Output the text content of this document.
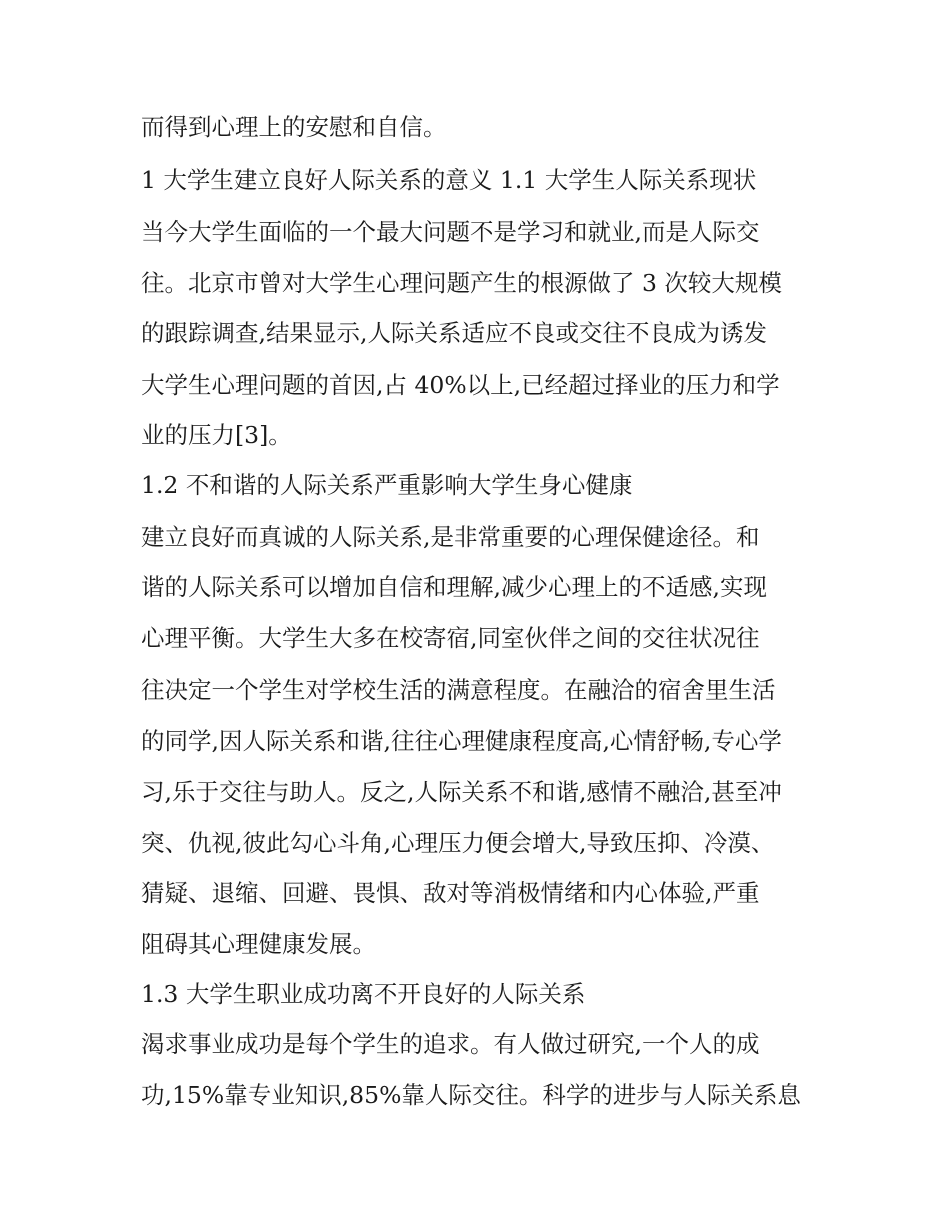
而得到心理上的安慰和自信。
1 大学生建立良好人际关系的意义 1.1 大学生人际关系现状
当今大学生面临的一个最大问题不是学习和就业,而是人际交
往。北京市曾对大学生心理问题产生的根源做了 3 次较大规模
的跟踪调查,结果显示,人际关系适应不良或交往不良成为诱发
大学生心理问题的首因,占 40%以上,已经超过择业的压力和学
业的压力[3]。
1.2 不和谐的人际关系严重影响大学生身心健康
建立良好而真诚的人际关系,是非常重要的心理保健途径。和
谐的人际关系可以增加自信和理解,减少心理上的不适感,实现
心理平衡。大学生大多在校寄宿,同室伙伴之间的交往状况往
往决定一个学生对学校生活的满意程度。在融洽的宿舍里生活
的同学,因人际关系和谐,往往心理健康程度高,心情舒畅,专心学
习,乐于交往与助人。反之,人际关系不和谐,感情不融洽,甚至冲
突、仇视,彼此勾心斗角,心理压力便会增大,导致压抑、冷漠、
猜疑、退缩、回避、畏惧、敌对等消极情绪和内心体验,严重
阻碍其心理健康发展。
1.3 大学生职业成功离不开良好的人际关系
渴求事业成功是每个学生的追求。有人做过研究,一个人的成
功,15%靠专业知识,85%靠人际交往。科学的进步与人际关系息
